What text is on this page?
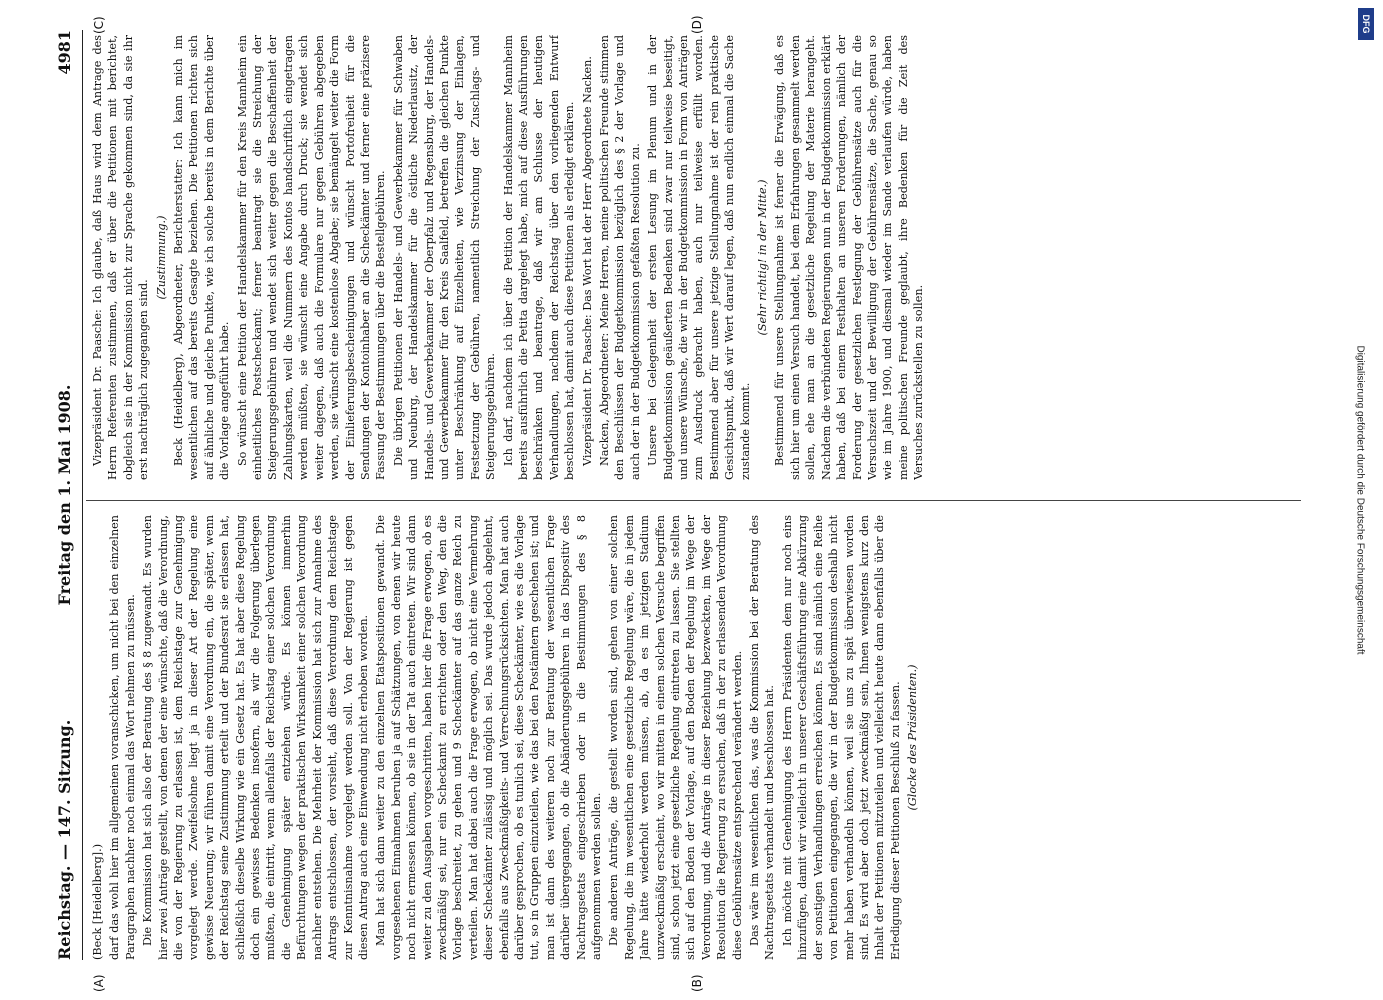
Reichstag. — 147. Sitzung.
Freitag den 1. Mai 1908.
4981
(A)	(B)
(C)	(D)

(Beck [Heidelberg].) darf das wohl hier im allgemeinen voranschicken, um nicht bei den einzelnen Paragraphen nachher noch einmal das Wort nehmen zu müssen. Die Kommission hat sich also der Beratung des § 8 zugewandt. Es wurden hier zwei Anträge gestellt, von denen der eine wünschte, daß die Verordnung, die von der Regierung zu erlassen ist, dem Reichstage zur Genehmigung vorgelegt werde. Zweifelsohne liegt ja in dieser Art der Regelung eine gewisse Neuerung; wir führen damit eine Verordnung ein, die später, wenn der Reichstag seine Zustimmung erteilt und der Bundesrat sie erlassen hat, schließlich dieselbe Wirkung wie ein Gesetz hat. Es hat aber diese Regelung doch ein gewisses Bedenken insofern, als wir die Folgerung überlegen mußten, die eintritt, wenn allenfalls der Reichstag einer solchen Verordnung die Genehmigung später entziehen würde. Es können immerhin Befürchtungen wegen der praktischen Wirksamkeit einer solchen Verordnung nachher entstehen. Die Mehrheit der Kommission hat sich zur Annahme des Antrags entschlossen, der vorsieht, daß diese Verordnung dem Reichstage zur Kenntnisnahme vorgelegt werden soll. Von der Regierung ist gegen diesen Antrag auch eine Einwendung nicht erhoben worden. Man hat sich dann weiter zu den einzelnen Etatspositionen gewandt. Die vorgesehenen Einnahmen beruhen ja auf Schätzungen, von denen wir heute noch nicht ermessen können, ob sie in der Tat auch eintreten. Wir sind dann weiter zu den Ausgaben vorgeschritten, haben hier die Frage erwogen, ob es zweckmäßig sei, nur ein Scheckamt zu errichten oder den Weg, den die Vorlage beschreitet, zu gehen und 9 Scheckämter auf das ganze Reich zu verteilen. Man hat dabei auch die Frage erwogen, ob nicht eine Vermehrung dieser Scheckämter zulässig und möglich sei. Das wurde jedoch abgelehnt, ebenfalls aus Zweckmäßigkeits- und Verrechnungsrücksichten. Man hat auch darüber gesprochen, ob es tunlich sei, diese Scheckämter, wie es die Vorlage tut, so in Gruppen einzuteilen, wie das bei den Postämtern geschehen ist; und man ist dann des weiteren noch zur Beratung der wesentlichen Frage darüber übergegangen, ob die Abänderungsgebühren in das Dispositiv des Nachtragsetats eingeschrieben oder in die Bestimmungen des § 8 aufgenommen werden sollen. Die anderen Anträge, die gestellt worden sind, gehen von einer solchen Regelung, die im wesentlichen eine gesetzliche Regelung wäre, die in jedem Jahre hätte wiederholt werden müssen, ab, da es im jetzigen Stadium unzweckmäßig erscheint, wo wir mitten in einem solchen Versuche begriffen sind, schon jetzt eine gesetzliche Regelung eintreten zu lassen. Sie stellten sich auf den Boden der Vorlage, auf den Boden der Regelung im Wege der Verordnung, und die Anträge in dieser Beziehung bezweckten, im Wege der Resolution die Regierung zu ersuchen, daß in der zu erlassenden Verordnung diese Gebührensätze entsprechend verändert werden. Das wäre im wesentlichen das, was die Kommission bei der Beratung des Nachtragsetats verhandelt und beschlossen hat. Ich möchte mit Genehmigung des Herrn Präsidenten dem nur noch eins hinzufügen, damit wir vielleicht in unserer Geschäftsführung eine Abkürzung der sonstigen Verhandlungen erreichen können. Es sind nämlich eine Reihe von Petitionen eingegangen, die wir in der Budgetkommission deshalb nicht mehr haben verhandeln können, weil sie uns zu spät überwiesen worden sind. Es wird aber doch jetzt zweckmäßig sein, Ihnen wenigstens kurz den Inhalt der Petitionen mitzuteilen und vielleicht heute dann ebenfalls über die Erledigung dieser Petitionen Beschluß zu fassen. (Glocke des Präsidenten.)

Vizepräsident Dr. Paasche: Ich glaube, daß Haus wird dem Antrage des Herrn Referenten zustimmen, daß er über die Petitionen mit berichtet, obgleich sie in der Kommission nicht zur Sprache gekommen sind, da sie ihr erst nachträglich zugegangen sind.

(Zustimmung.) Beck (Heidelberg), Abgeordneter, Berichterstatter: Ich kann mich im wesentlichen auf das bereits Gesagte beziehen. Die Petitionen richten sich auf ähnliche und gleiche Punkte, wie ich solche bereits in dem Berichte über die Vorlage angeführt habe. So wünscht eine Petition der Handelskammer für den Kreis Mannheim ein einheitliches Postscheckamt; ferner beantragt sie die Streichung der Steigerungsgebühren und wendet sich weiter gegen die Beschaffenheit der Zahlungskarten, weil die Nummern des Kontos handschriftlich eingetragen werden müßten, sie wünscht eine Angabe durch Druck; sie wendet sich weiter dagegen, daß auch die Formulare nur gegen Gebühren abgegeben werden, sie wünscht eine kostenlose Abgabe; sie bemängelt weiter die Form der Einlieferungsbescheinigungen und wünscht Portofreiheit für die Sendungen der Kontoinhaber an die Scheckämter und ferner eine präzisere Fassung der Bestimmungen über die Bestellgebühren. Die übrigen Petitionen der Handels- und Gewerbekammer für Schwaben und Neuburg, der Handelskammer für die östliche Niederlausitz, der Handels- und Gewerbekammer der Oberpfalz und Regensburg, der Handels- und Gewerbekammer für den Kreis Saalfeld, betreffen die gleichen Punkte unter Beschränkung auf Einzelheiten, wie Verzinsung der Einlagen, Festsetzung der Gebühren, namentlich Streichung der Zuschlags- und Steigerungsgebühren. Ich darf, nachdem ich über die Petition der Handelskammer Mannheim bereits ausführlich die Petita dargelegt habe, mich auf diese Ausführungen beschränken und beantrage, daß wir am Schlusse der heutigen Verhandlungen, nachdem der Reichstag über den vorliegenden Entwurf beschlossen hat, damit auch diese Petitionen als erledigt erklären. Vizepräsident Dr. Paasche: Das Wort hat der Herr Abgeordnete Nacken. Nacken, Abgeordneter: Meine Herren, meine politischen Freunde stimmen den Beschlüssen der Budgetkommission bezüglich des § 2 der Vorlage und auch der in der Budgetkommission gefaßten Resolution zu. Unsere bei Gelegenheit der ersten Lesung im Plenum und in der Budgetkommission geäußerten Bedenken sind zwar nur teilweise beseitigt, und unsere Wünsche, die wir in der Budgetkommission in Form von Anträgen zum Ausdruck gebracht haben, auch nur teilweise erfüllt worden. Bestimmend aber für unsere jetzige Stellungnahme ist der rein praktische Gesichtspunkt, daß wir Wert darauf legen, daß nun endlich einmal die Sache zustande kommt.

(Sehr richtig! in der Mitte.) Bestimmend für unsere Stellungnahme ist ferner die Erwägung, daß es sich hier um einen Versuch handelt, bei dem Erfahrungen gesammelt werden sollen, ehe man an die gesetzliche Regelung der Materie herangeht. Nachdem die verbündeten Regierungen nun in der Budgetkommission erklärt haben, daß bei einem Festhalten an unseren Forderungen, nämlich der Forderung der gesetzlichen Festlegung der Gebührensätze auch für die Versuchszeit und der Bewilligung der Gebührensätze, die Sache, genau so wie im Jahre 1900, und diesmal wieder im Sande verlaufen würde, haben meine politischen Freunde geglaubt, ihre Bedenken für die Zeit des Versuches zurückstellen zu sollen.

DFG
Digitalisierung gefördert durch die Deutsche Forschungsgemeinschaft
